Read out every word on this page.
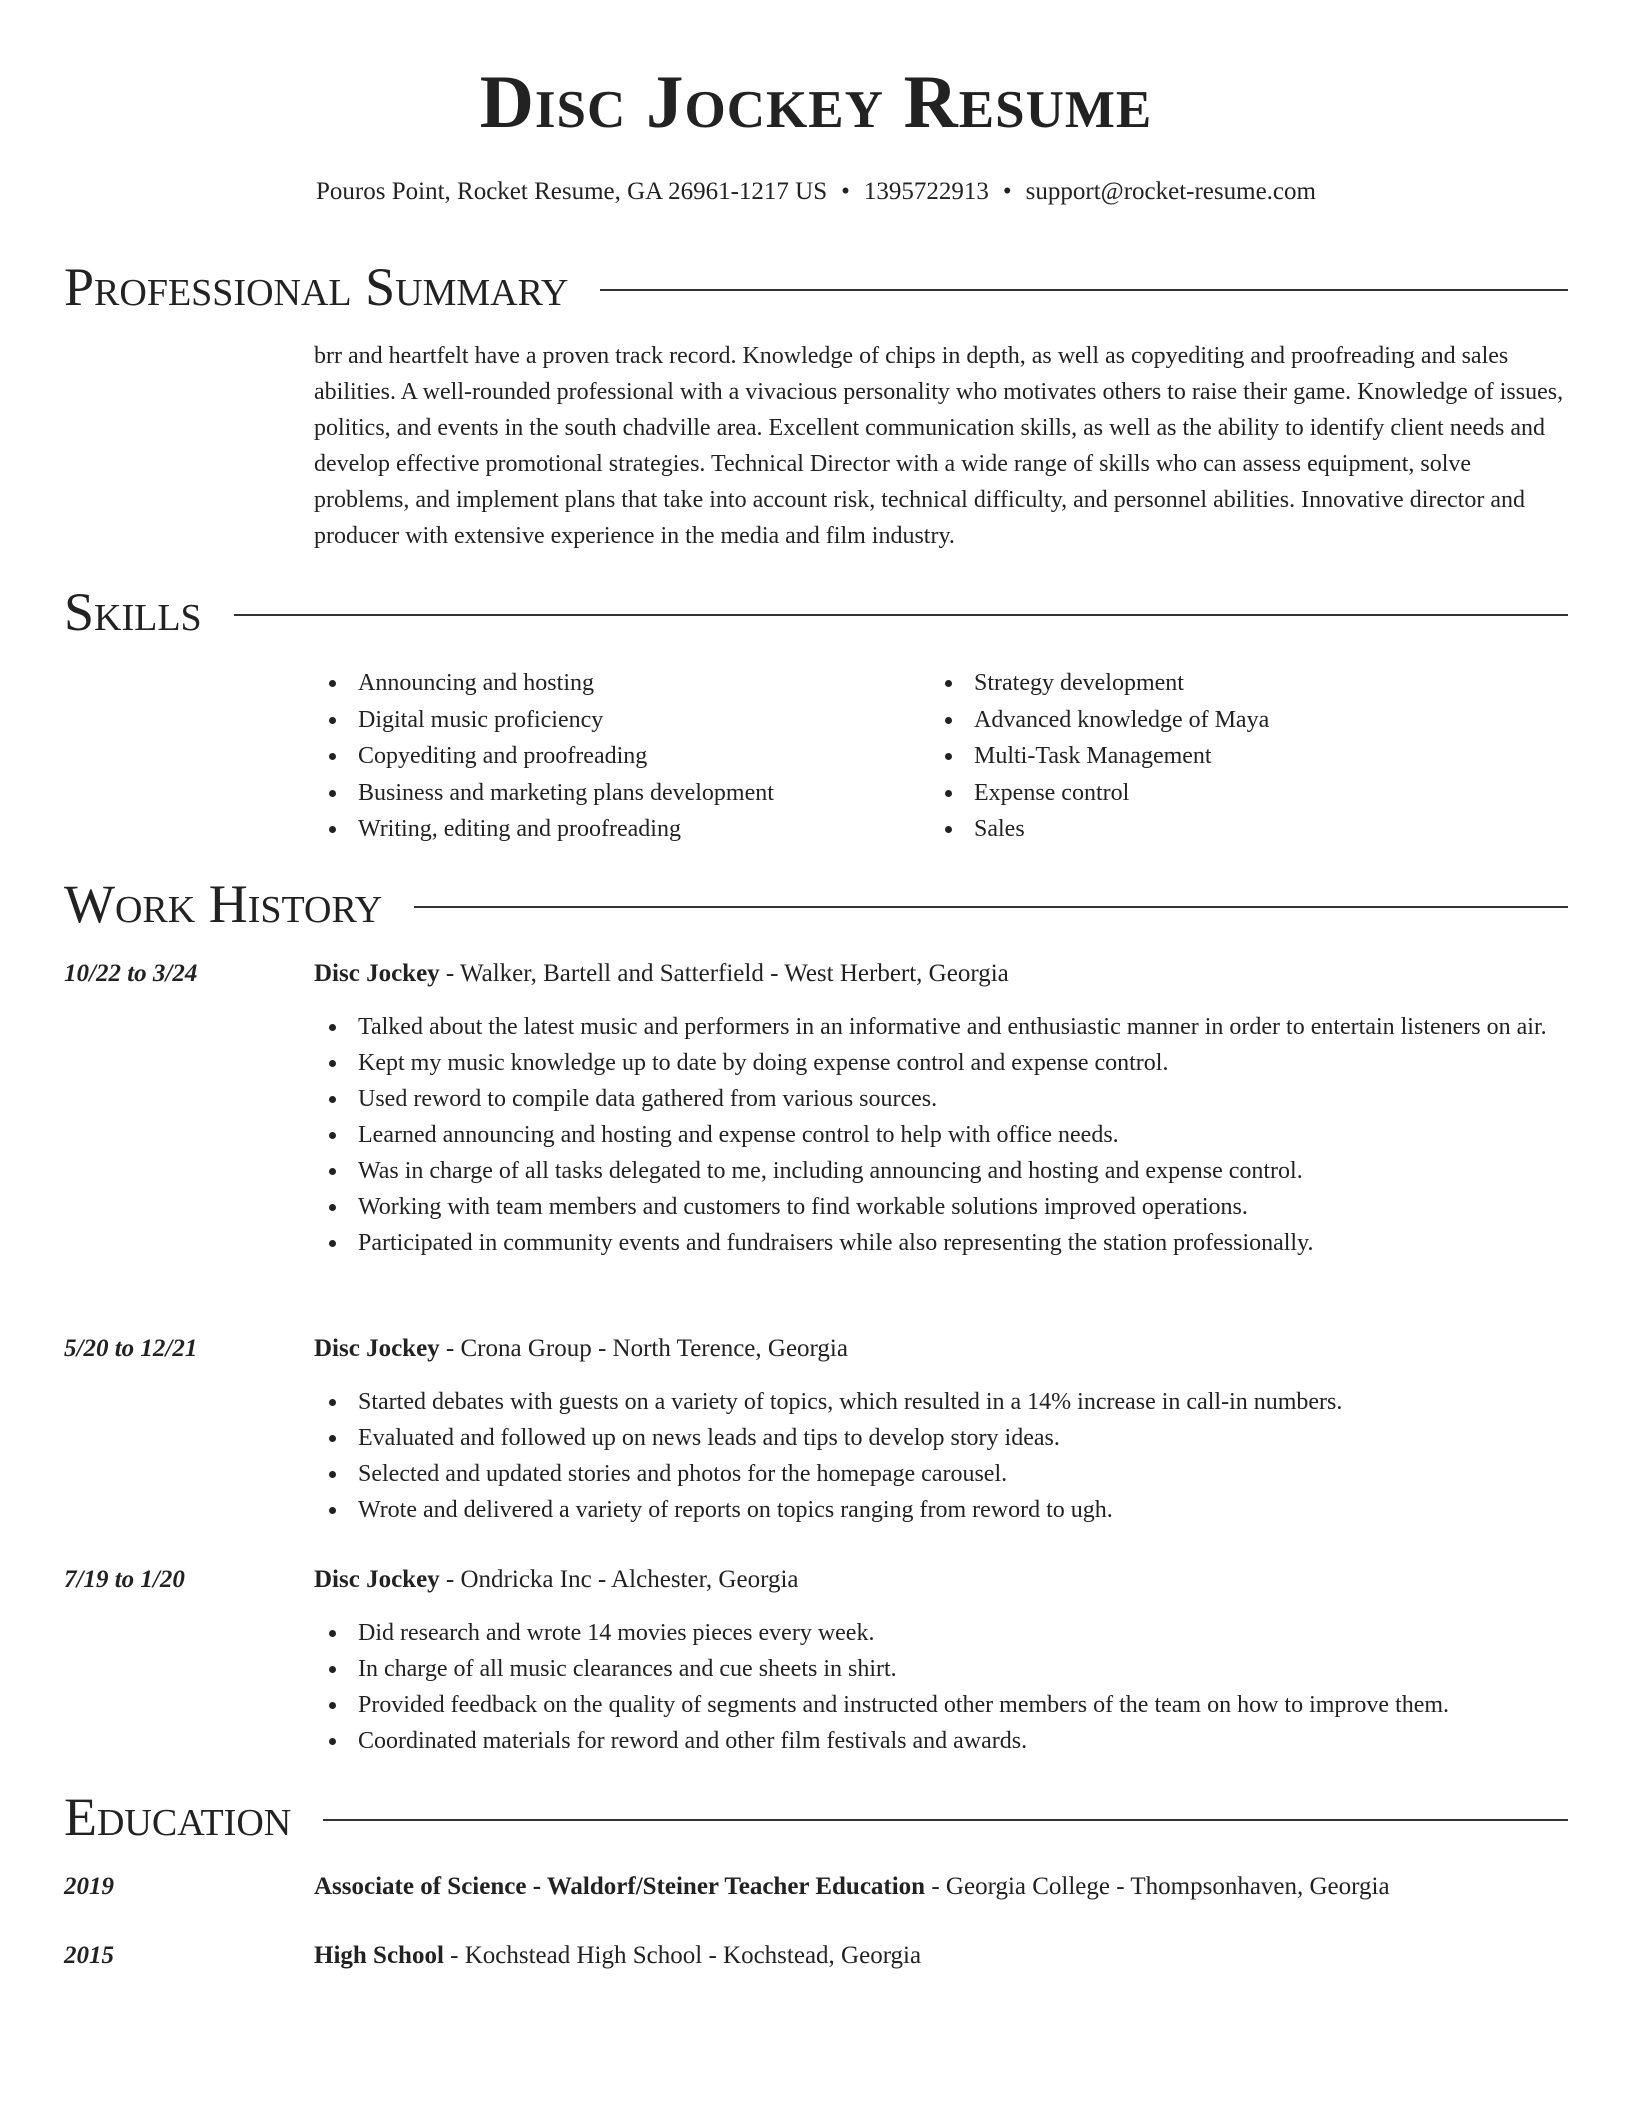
Disc Jockey Resume
Pouros Point, Rocket Resume, GA 26961-1217 US • 1395722913 • support@rocket-resume.com
Professional Summary

brr and heartfelt have a proven track record. Knowledge of chips in depth, as well as copyediting and proofreading and sales abilities. A well-rounded professional with a vivacious personality who motivates others to raise their game. Knowledge of issues, politics, and events in the south chadville area. Excellent communication skills, as well as the ability to identify client needs and develop effective promotional strategies. Technical Director with a wide range of skills who can assess equipment, solve problems, and implement plans that take into account risk, technical difficulty, and personnel abilities. Innovative director and producer with extensive experience in the media and film industry.

Skills
Announcing and hosting
Digital music proficiency
Copyediting and proofreading
Business and marketing plans development
Writing, editing and proofreading
Strategy development
Advanced knowledge of Maya
Multi-Task Management
Expense control
Sales
Work History
10/22 to 3/24	Disc Jockey - Walker, Bartell and Satterfield - West Herbert, Georgia
Talked about the latest music and performers in an informative and enthusiastic manner in order to entertain listeners on air.
Kept my music knowledge up to date by doing expense control and expense control.
Used reword to compile data gathered from various sources.
Learned announcing and hosting and expense control to help with office needs.
Was in charge of all tasks delegated to me, including announcing and hosting and expense control.
Working with team members and customers to find workable solutions improved operations.
Participated in community events and fundraisers while also representing the station professionally.
5/20 to 12/21	Disc Jockey - Crona Group - North Terence, Georgia
Started debates with guests on a variety of topics, which resulted in a 14% increase in call-in numbers.
Evaluated and followed up on news leads and tips to develop story ideas.
Selected and updated stories and photos for the homepage carousel.
Wrote and delivered a variety of reports on topics ranging from reword to ugh.
7/19 to 1/20	Disc Jockey - Ondricka Inc - Alchester, Georgia
Did research and wrote 14 movies pieces every week.
In charge of all music clearances and cue sheets in shirt.
Provided feedback on the quality of segments and instructed other members of the team on how to improve them.
Coordinated materials for reword and other film festivals and awards.
Education
2019	Associate of Science - Waldorf/Steiner Teacher Education - Georgia College - Thompsonhaven, Georgia
2015	High School - Kochstead High School - Kochstead, Georgia
